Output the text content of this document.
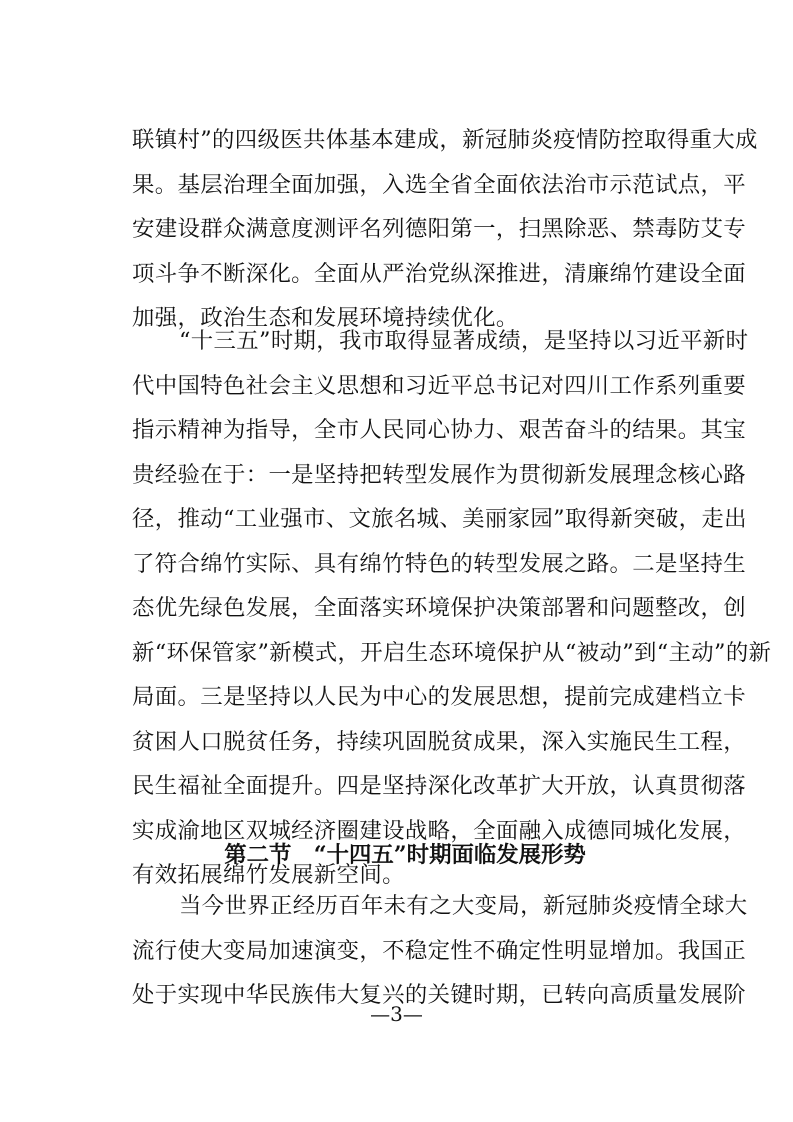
联镇村”的四级医共体基本建成，新冠肺炎疫情防控取得重大成
果。基层治理全面加强，入选全省全面依法治市示范试点，平
安建设群众满意度测评名列德阳第一，扫黑除恶、禁毒防艾专
项斗争不断深化。全面从严治党纵深推进，清廉绵竹建设全面
加强，政治生态和发展环境持续优化。
“十三五”时期，我市取得显著成绩，是坚持以习近平新时
代中国特色社会主义思想和习近平总书记对四川工作系列重要
指示精神为指导，全市人民同心协力、艰苦奋斗的结果。其宝
贵经验在于：一是坚持把转型发展作为贯彻新发展理念核心路
径，推动“工业强市、文旅名城、美丽家园”取得新突破，走出
了符合绵竹实际、具有绵竹特色的转型发展之路。二是坚持生
态优先绿色发展，全面落实环境保护决策部署和问题整改，创
新“环保管家”新模式，开启生态环境保护从“被动”到“主动”的新
局面。三是坚持以人民为中心的发展思想，提前完成建档立卡
贫困人口脱贫任务，持续巩固脱贫成果，深入实施民生工程，
民生福祉全面提升。四是坚持深化改革扩大开放，认真贯彻落
实成渝地区双城经济圈建设战略，全面融入成德同城化发展，
有效拓展绵竹发展新空间。
第二节　“十四五”时期面临发展形势
当今世界正经历百年未有之大变局，新冠肺炎疫情全球大
流行使大变局加速演变，不稳定性不确定性明显增加。我国正
处于实现中华民族伟大复兴的关键时期，已转向高质量发展阶
—3—
